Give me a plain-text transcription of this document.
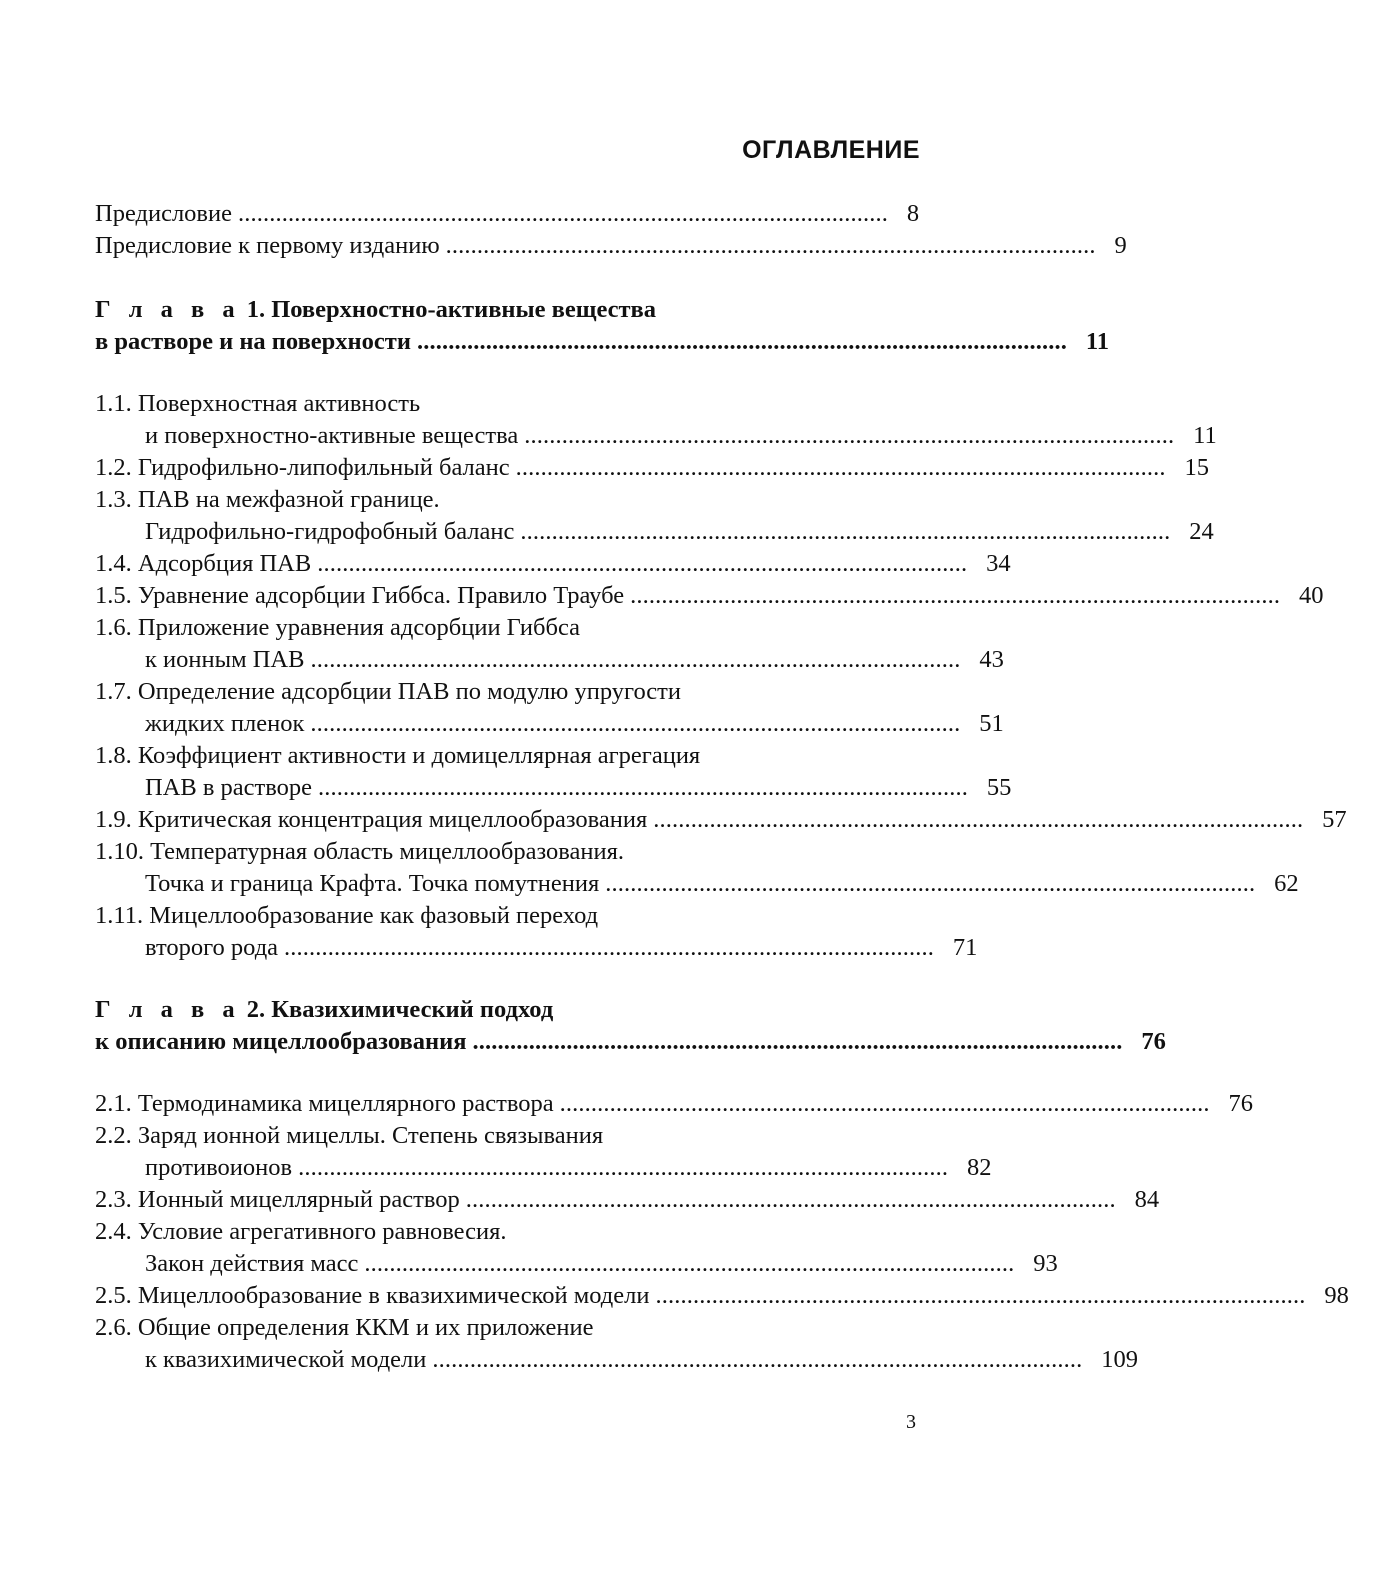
ОГЛАВЛЕНИЕ
Предисловие . . .	8
Предисловие к первому изданию . . .	9
Г л а в а 1. Поверхностно-активные вещества
в растворе и на поверхности . . .	11
1.1. Поверхностная активность
и поверхностно-активные вещества . . .	11
1.2. Гидрофильно-липофильный баланс . . .	15
1.3. ПАВ на межфазной границе.
Гидрофильно-гидрофобный баланс . . .	24
1.4. Адсорбция ПАВ . . .	34
1.5. Уравнение адсорбции Гиббса. Правило Траубе . . .	40
1.6. Приложение уравнения адсорбции Гиббса
к ионным ПАВ . . .	43
1.7. Определение адсорбции ПАВ по модулю упругости
жидких пленок . . .	51
1.8. Коэффициент активности и домицеллярная агрегация
ПАВ в растворе . . .	55
1.9. Критическая концентрация мицеллообразования . . .	57
1.10. Температурная область мицеллообразования.
Точка и граница Крафта. Точка помутнения . . .	62
1.11. Мицеллообразование как фазовый переход
второго рода . . .	71
Г л а в а 2. Квазихимический подход
к описанию мицеллообразования . . .	76
2.1. Термодинамика мицеллярного раствора . . .	76
2.2. Заряд ионной мицеллы. Степень связывания
противоионов . . .	82
2.3. Ионный мицеллярный раствор . . .	84
2.4. Условие агрегативного равновесия.
Закон действия масс . . .	93
2.5. Мицеллообразование в квазихимической модели . . .	98
2.6. Общие определения ККМ и их приложение
к квазихимической модели . . .	109
3
